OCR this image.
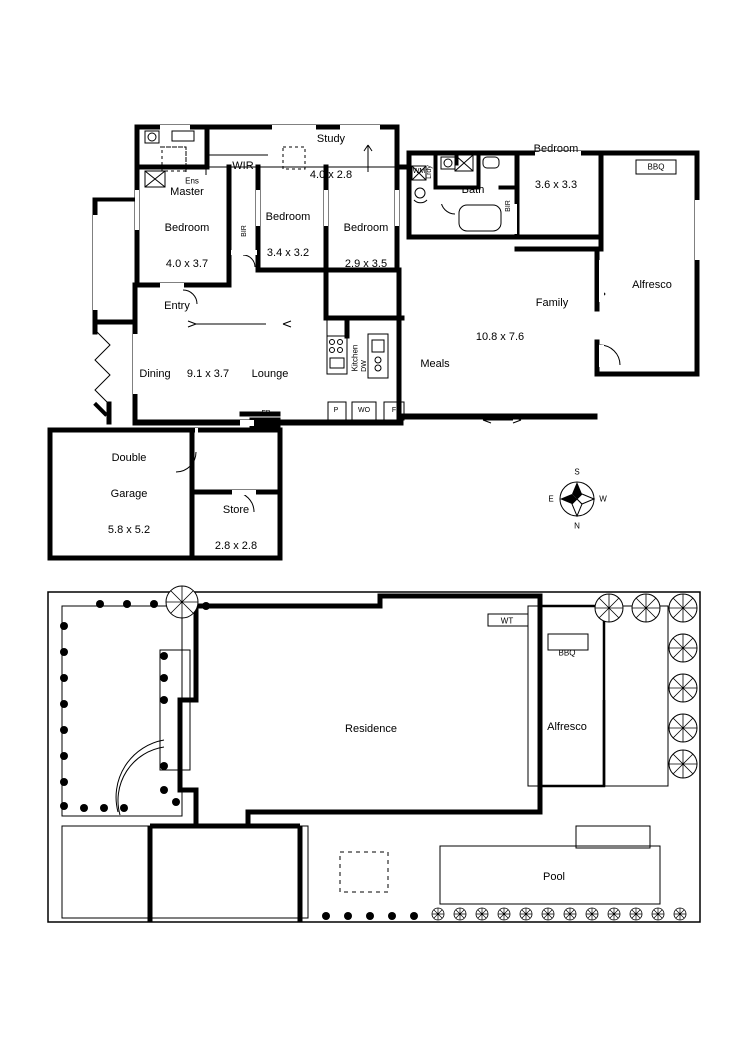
Master

Bedroom

4.0 x 3.7

WIR
Ens

Study

4.0 x 2.8

Bedroom

3.4 x 3.2

Bedroom

2.9 x 3.5

Bedroom

3.6 x 3.3

Bath
Family
10.8 x 7.6
Alfresco
Meals
Kitchen
Dining 9.1 x 3.7 Lounge
Entry

Double

Garage

5.8 x 5.2

Store

2.8 x 2.8

BIR
BIR
WM Lrdy
DW
FP	P	WO	F
BBQ
N
S
E	W
Residence	Alfresco
Pool
BBQ
WT
